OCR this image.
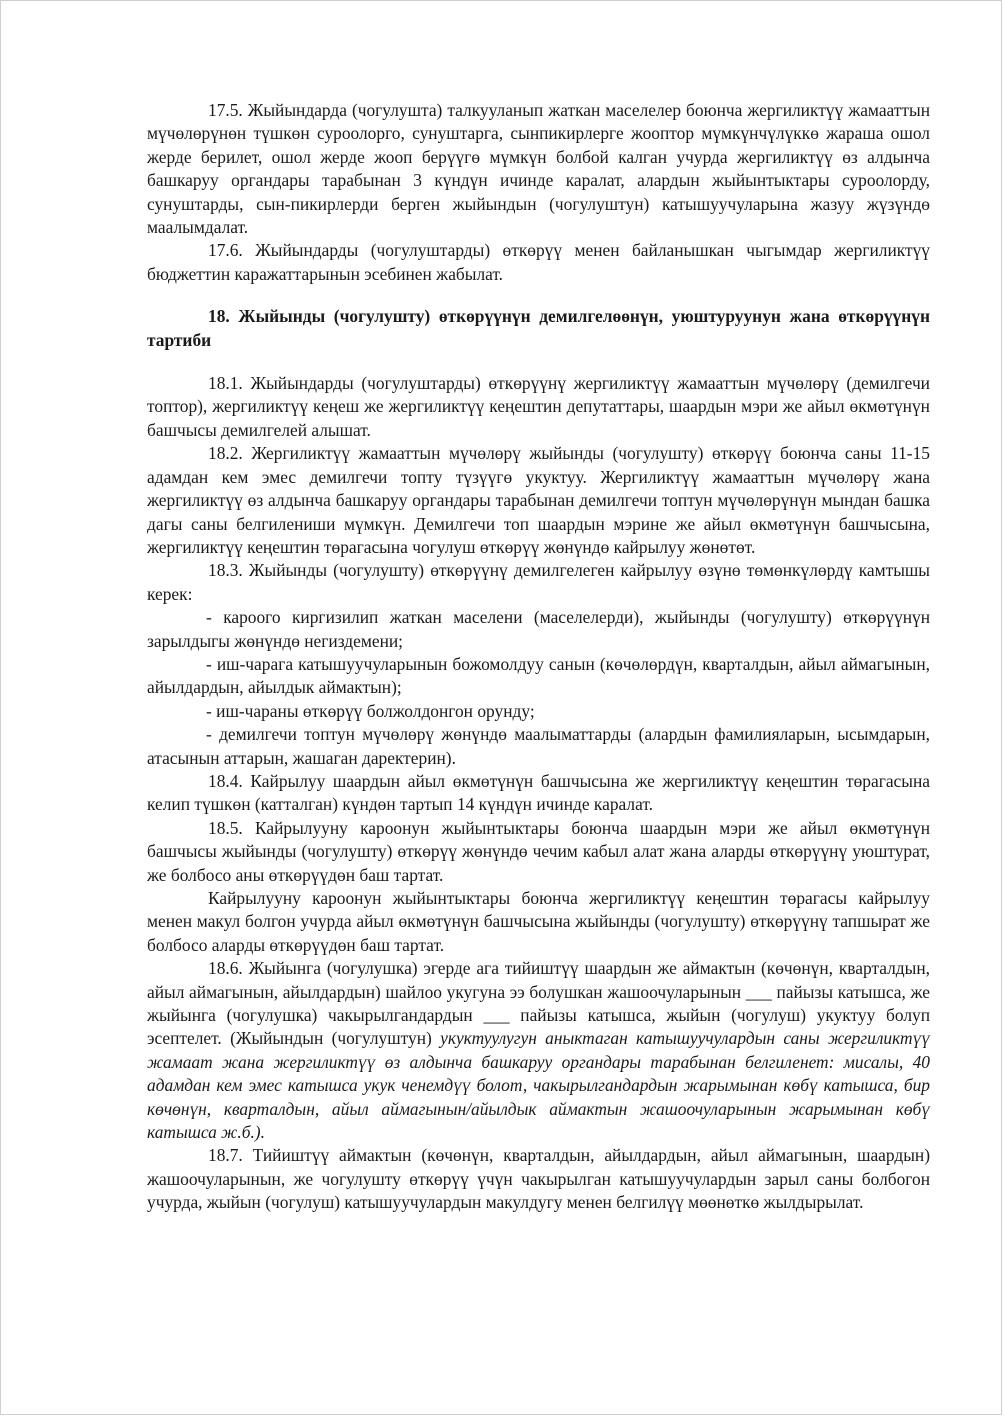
17.5. Жыйындарда (чогулушта) талкууланып жаткан маселелер боюнча жергиликтүү жамааттын мүчөлөрүнөн түшкөн суроолорго, сунуштарга, сынпикирлерге жооптор мүмкүнчүлүккө жараша ошол жерде берилет, ошол жерде жооп берүүгө мүмкүн болбой калган учурда жергиликтүү өз алдынча башкаруу органдары тарабынан 3 күндүн ичинде каралат, алардын жыйынтыктары суроолорду, сунуштарды, сын-пикирлерди берген жыйындын (чогулуштун) катышуучуларына жазуу жүзүндө маалымдалат.

17.6. Жыйындарды (чогулуштарды) өткөрүү менен байланышкан чыгымдар жергиликтүү бюджеттин каражаттарынын эсебинен жабылат.

18. Жыйынды (чогулушту) өткөрүүнүн демилгелөөнүн, уюштуруунун жана өткөрүүнүн тартиби

18.1. Жыйындарды (чогулуштарды) өткөрүүнү жергиликтүү жамааттын мүчөлөрү (демилгечи топтор), жергиликтүү кеңеш же жергиликтүү кеңештин депутаттары, шаардын мэри же айыл өкмөтүнүн башчысы демилгелей алышат.

18.2. Жергиликтүү жамааттын мүчөлөрү жыйынды (чогулушту) өткөрүү боюнча саны 11-15 адамдан кем эмес демилгечи топту түзүүгө укуктуу. Жергиликтүү жамааттын мүчөлөрү жана жергиликтүү өз алдынча башкаруу органдары тарабынан демилгечи топтун мүчөлөрүнүн мындан башка дагы саны белгилениши мүмкүн. Демилгечи топ шаардын мэрине же айыл өкмөтүнүн башчысына, жергиликтүү кеңештин төрагасына чогулуш өткөрүү жөнүндө кайрылуу жөнөтөт.

18.3. Жыйынды (чогулушту) өткөрүүнү демилгелеген кайрылуу өзүнө төмөнкүлөрдү камтышы керек:

- кароого киргизилип жаткан маселени (маселелерди), жыйынды (чогулушту) өткөрүүнүн зарылдыгы жөнүндө негиздемени;

- иш-чарага катышуучуларынын божомолдуу санын (көчөлөрдүн, кварталдын, айыл аймагынын, айылдардын, айылдык аймактын);

- иш-чараны өткөрүү болжолдонгон орунду;

- демилгечи топтун мүчөлөрү жөнүндө маалыматтарды (алардын фамилияларын, ысымдарын, атасынын аттарын, жашаган даректерин).

18.4. Кайрылуу шаардын айыл өкмөтүнүн башчысына же жергиликтүү кеңештин төрагасына келип түшкөн (катталган) күндөн тартып 14 күндүн ичинде каралат.

18.5. Кайрылууну кароонун жыйынтыктары боюнча шаардын мэри же айыл өкмөтүнүн башчысы жыйынды (чогулушту) өткөрүү жөнүндө чечим кабыл алат жана аларды өткөрүүнү уюштурат, же болбосо аны өткөрүүдөн баш тартат.

Кайрылууну кароонун жыйынтыктары боюнча жергиликтүү кеңештин төрагасы кайрылуу менен макул болгон учурда айыл өкмөтүнүн башчысына жыйынды (чогулушту) өткөрүүнү тапшырат же болбосо аларды өткөрүүдөн баш тартат.

18.6. Жыйынга (чогулушка) эгерде ага тийиштүү шаардын же аймактын (көчөнүн, кварталдын, айыл аймагынын, айылдардын) шайлоо укугуна ээ болушкан жашоочуларынын ___ пайызы катышса, же жыйынга (чогулушка) чакырылгандардын ___ пайызы катышса, жыйын (чогулуш) укуктуу болуп эсептелет. (Жыйындын (чогулуштун) укуктуулугун аныктаган катышуучулардын саны жергиликтүү жамаат жана жергиликтүү өз алдынча башкаруу органдары тарабынан белгиленет: мисалы, 40 адамдан кем эмес катышса укук ченемдүү болот, чакырылгандардын жарымынан көбү катышса, бир көчөнүн, кварталдын, айыл аймагынын/айылдык аймактын жашоочуларынын жарымынан көбү катышса ж.б.).

18.7. Тийиштүү аймактын (көчөнүн, кварталдын, айылдардын, айыл аймагынын, шаардын) жашоочуларынын, же чогулушту өткөрүү үчүн чакырылган катышуучулардын зарыл саны болбогон учурда, жыйын (чогулуш) катышуучулардын макулдугу менен белгилүү мөөнөткө жылдырылат.
